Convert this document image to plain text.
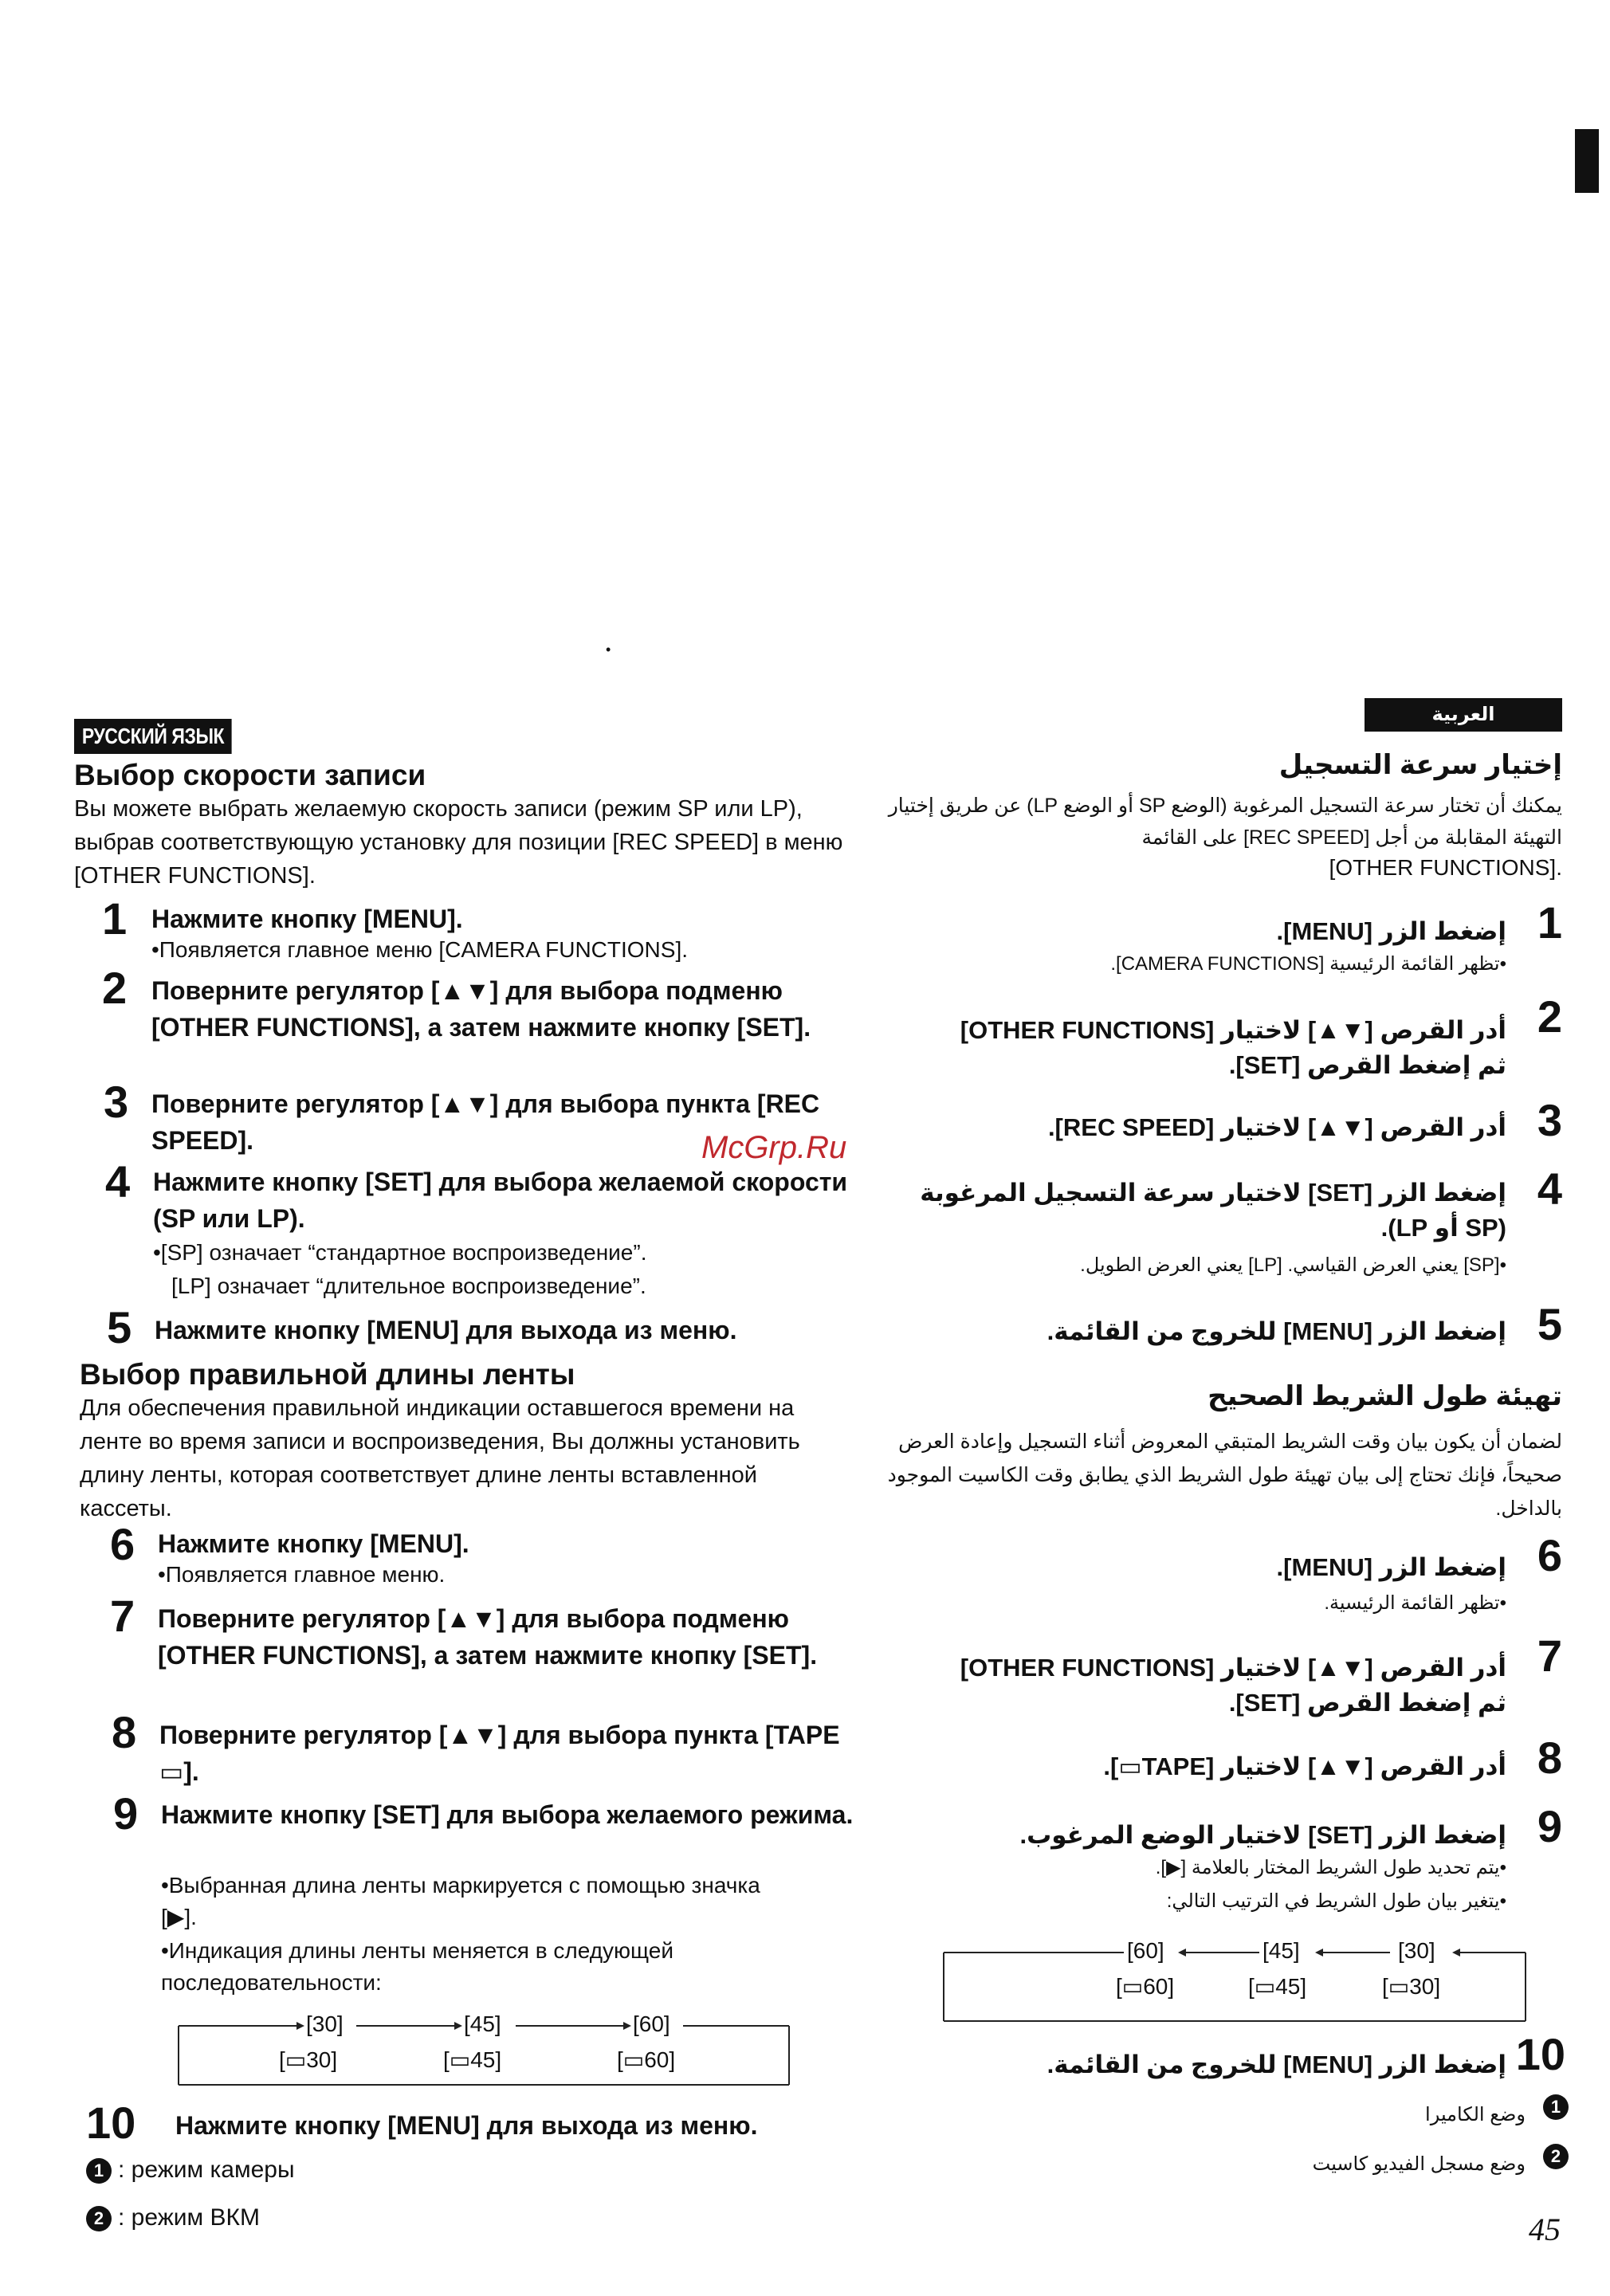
•
РУССКИЙ ЯЗЫК
Выбор скорости записи
Вы можете выбрать желаемую скорость записи (режим SP или LP), выбрав соответствующую установку для позиции [REC SPEED] в меню [OTHER FUNCTIONS].
1 Нажмите кнопку [MENU].
•Появляется главное меню [CAMERA FUNCTIONS].
2 Поверните регулятор [▲▼] для выбора подменю [OTHER FUNCTIONS], а затем нажмите кнопку [SET].
3 Поверните регулятор [▲▼] для выбора пункта [REC SPEED].
4 Нажмите кнопку [SET] для выбора желаемой скорости (SP или LP).
•[SP] означает “стандартное воспроизведение”.
[LP] означает “длительное воспроизведение”.
5 Нажмите кнопку [MENU] для выхода из меню.
Выбор правильной длины ленты
Для обеспечения правильной индикации оставшегося времени на ленте во время записи и воспроизведения, Вы должны установить длину ленты, которая соответствует длине ленты вставленной кассеты.
6 Нажмите кнопку [MENU].
•Появляется главное меню.
7 Поверните регулятор [▲▼] для выбора подменю [OTHER FUNCTIONS], а затем нажмите кнопку [SET].
8 Поверните регулятор [▲▼] для выбора пункта [TAPE ▭].
9 Нажмите кнопку [SET] для выбора желаемого режима.
•Выбранная длина ленты маркируется с помощью значка [▶].
•Индикация длины ленты меняется в следующей последовательности:
[30]	[45]	[60]
[▭30]	[▭45]	[▭60]
10	Нажмите кнопку [MENU] для выхода из меню.
1 : режим камеры
2 : режим ВКМ
McGrp.Ru
العربية
إختيار سرعة التسجيل
يمكنك أن تختار سرعة التسجيل المرغوبة (الوضع SP أو الوضع LP) عن طريق إختيار
التهيئة المقابلة من أجل [REC SPEED] على القائمة
[OTHER FUNCTIONS].
1
إضغط الزر [MENU].
•تظهر القائمة الرئيسية [CAMERA FUNCTIONS].
2
أدر القرص [▼▲] لاختيار [OTHER FUNCTIONS]
ثم إضغط القرص [SET].
3
أدر القرص [▼▲] لاختيار [REC SPEED].
4
إضغط الزر [SET] لاختيار سرعة التسجيل المرغوبة
(SP أو LP).
•[SP] يعني العرض القياسي. [LP] يعني العرض الطويل.
5
إضغط الزر [MENU] للخروج من القائمة.
تهيئة طول الشريط الصحيح
لضمان أن يكون بيان وقت الشريط المتبقي المعروض أثناء التسجيل وإعادة العرض
صحيحاً، فإنك تحتاج إلى بيان تهيئة طول الشريط الذي يطابق وقت الكاسيت الموجود
بالداخل.
6
إضغط الزر [MENU].
•تظهر القائمة الرئيسية.
7
أدر القرص [▼▲] لاختيار [OTHER FUNCTIONS]
ثم إضغط القرص [SET].
8
أدر القرص [▼▲] لاختيار [TAPE▭].
9
إضغط الزر [SET] لاختيار الوضع المرغوب.
•يتم تحديد طول الشريط المختار بالعلامة [▶].
•يتغير بيان طول الشريط في الترتيب التالي:
[60]	[45]	[30]
[▭60]	[▭45]	[▭30]
10
إضغط الزر [MENU] للخروج من القائمة.
وضع الكاميرا	1
وضع مسجل الفيديو كاسيت	2
45
